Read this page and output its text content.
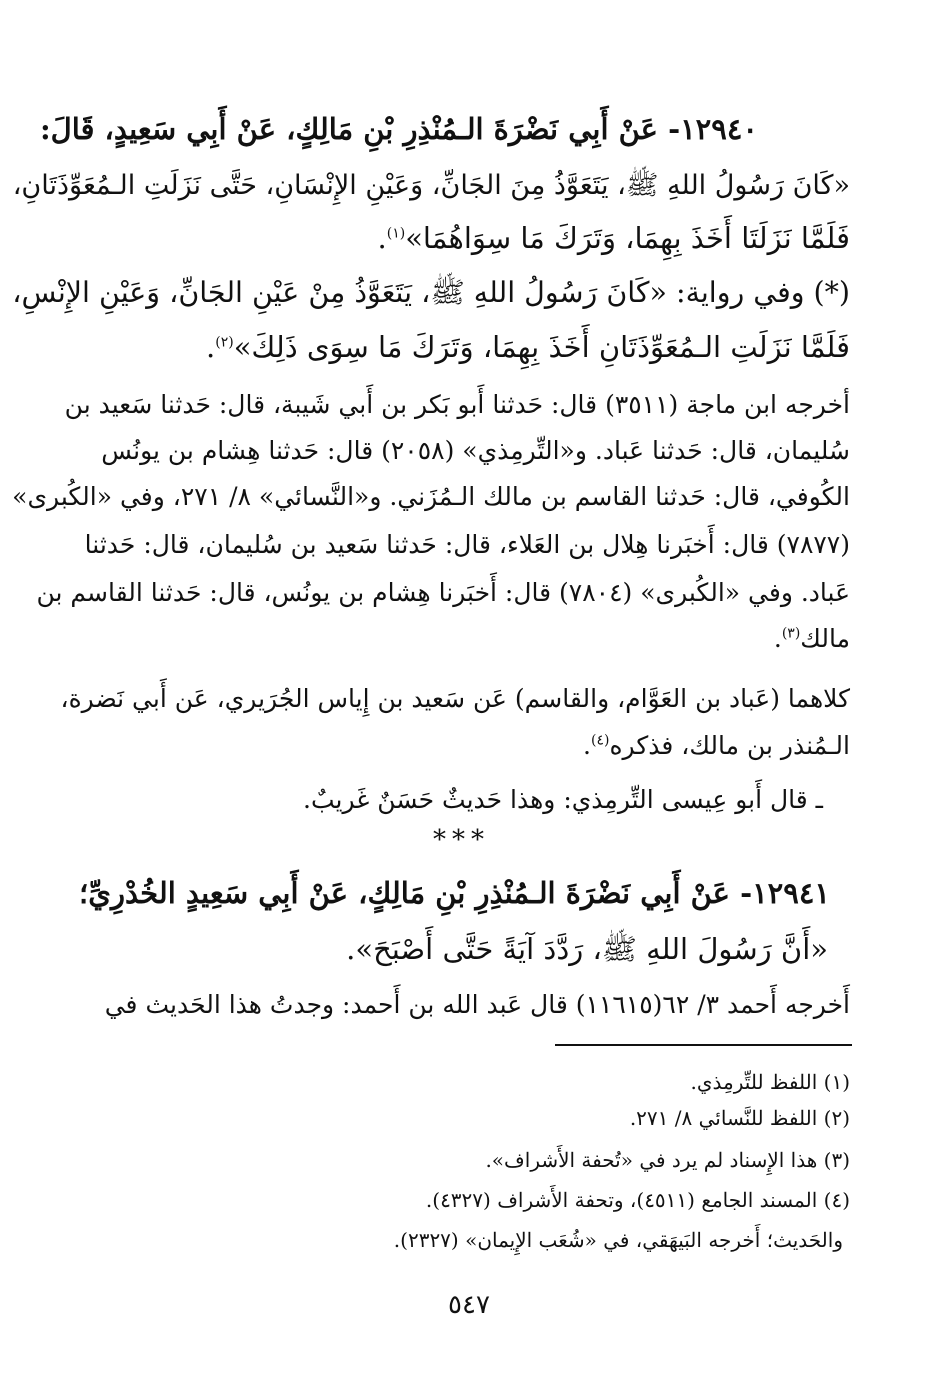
١٢٩٤٠- عَنْ أَبِي نَضْرَةَ الـمُنْذِرِ بْنِ مَالِكٍ، عَنْ أَبِي سَعِيدٍ، قَالَ:
«كَانَ رَسُولُ اللهِ ﷺ، يَتَعَوَّذُ مِنَ الجَانِّ، وَعَيْنِ الإِنْسَانِ، حَتَّى نَزَلَتِ الـمُعَوِّذَتَانِ،
فَلَمَّا نَزَلَتَا أَخَذَ بِهِمَا، وَتَرَكَ مَا سِوَاهُمَا»$^{(١)}$.
(*) وفي رواية: «كَانَ رَسُولُ اللهِ ﷺ، يَتَعَوَّذُ مِنْ عَيْنِ الجَانِّ، وَعَيْنِ الإِنْسِ،
فَلَمَّا نَزَلَتِ الـمُعَوِّذَتَانِ أَخَذَ بِهِمَا، وَتَرَكَ مَا سِوَى ذَلِكَ»$^{(٢)}$.
أخرجه ابن ماجة (٣٥١١) قال: حَدثنا أَبو بَكر بن أَبي شَيبة، قال: حَدثنا سَعيد بن
سُليمان، قال: حَدثنا عَباد. و«التِّرمِذي» (٢٠٥٨) قال: حَدثنا هِشام بن يونُس
الكُوفي، قال: حَدثنا القاسم بن مالك الـمُزَني. و«النَّسائي» ٨/ ٢٧١، وفي «الكُبرى»
(٧٨٧٧) قال: أَخبَرنا هِلال بن العَلاء، قال: حَدثنا سَعيد بن سُليمان، قال: حَدثنا
عَباد. وفي «الكُبرى» (٧٨٠٤) قال: أَخبَرنا هِشام بن يونُس، قال: حَدثنا القاسم بن
مالك$^{(٣)}$.
كلاهما (عَباد بن العَوَّام، والقاسم) عَن سَعيد بن إِياس الجُرَيري، عَن أَبي نَضرة،
الـمُنذر بن مالك، فذكره$^{(٤)}$.
ـ قال أَبو عِيسى التِّرمِذي: وهذا حَديثٌ حَسَنٌ غَريبٌ.
***
١٢٩٤١- عَنْ أَبِي نَضْرَةَ الـمُنْذِرِ بْنِ مَالِكٍ، عَنْ أَبِي سَعِيدٍ الخُدْرِيِّ؛
«أَنَّ رَسُولَ اللهِ ﷺ، رَدَّدَ آيَةً حَتَّى أَصْبَحَ».
أَخرجه أَحمد ٣/ ٦٢(١١٦١٥) قال عَبد الله بن أَحمد: وجدتُ هذا الحَديث في
(١) اللفظ للتِّرمِذي.
(٢) اللفظ للنَّسائي ٨/ ٢٧١.
(٣) هذا الإِسناد لم يرد في «تُحفة الأَشراف».
(٤) المسند الجامع (٤٥١١)، وتحفة الأَشراف (٤٣٢٧).
والحَديث؛ أَخرجه البَيهَقي، في «شُعَب الإِيمان» (٢٣٢٧).
٥٤٧
